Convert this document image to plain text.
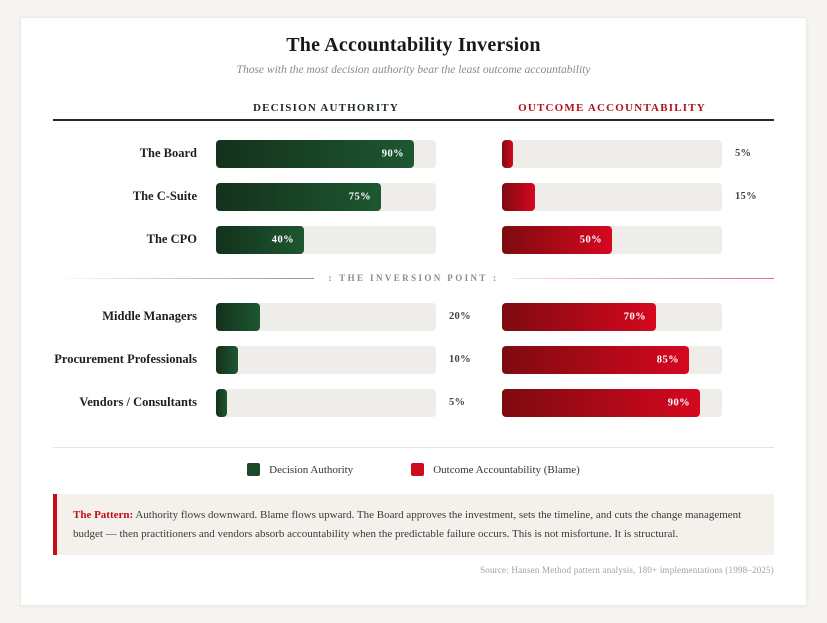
The Accountability Inversion
Those with the most decision authority bear the least outcome accountability
DECISION AUTHORITY	OUTCOME ACCOUNTABILITY
The Board	90%	5%
The C-Suite	75%	15%
The CPO	40%	50%
↕ THE INVERSION POINT ↕
Middle Managers	20%	70%
Procurement Professionals	10%	85%
Vendors / Consultants	5%	90%
Decision Authority	Outcome Accountability (Blame)
The Pattern: Authority flows downward. Blame flows upward. The Board approves the investment, sets the timeline, and cuts the change management budget — then practitioners and vendors absorb accountability when the predictable failure occurs. This is not misfortune. It is structural.
Source: Hansen Method pattern analysis, 180+ implementations (1998–2025)
